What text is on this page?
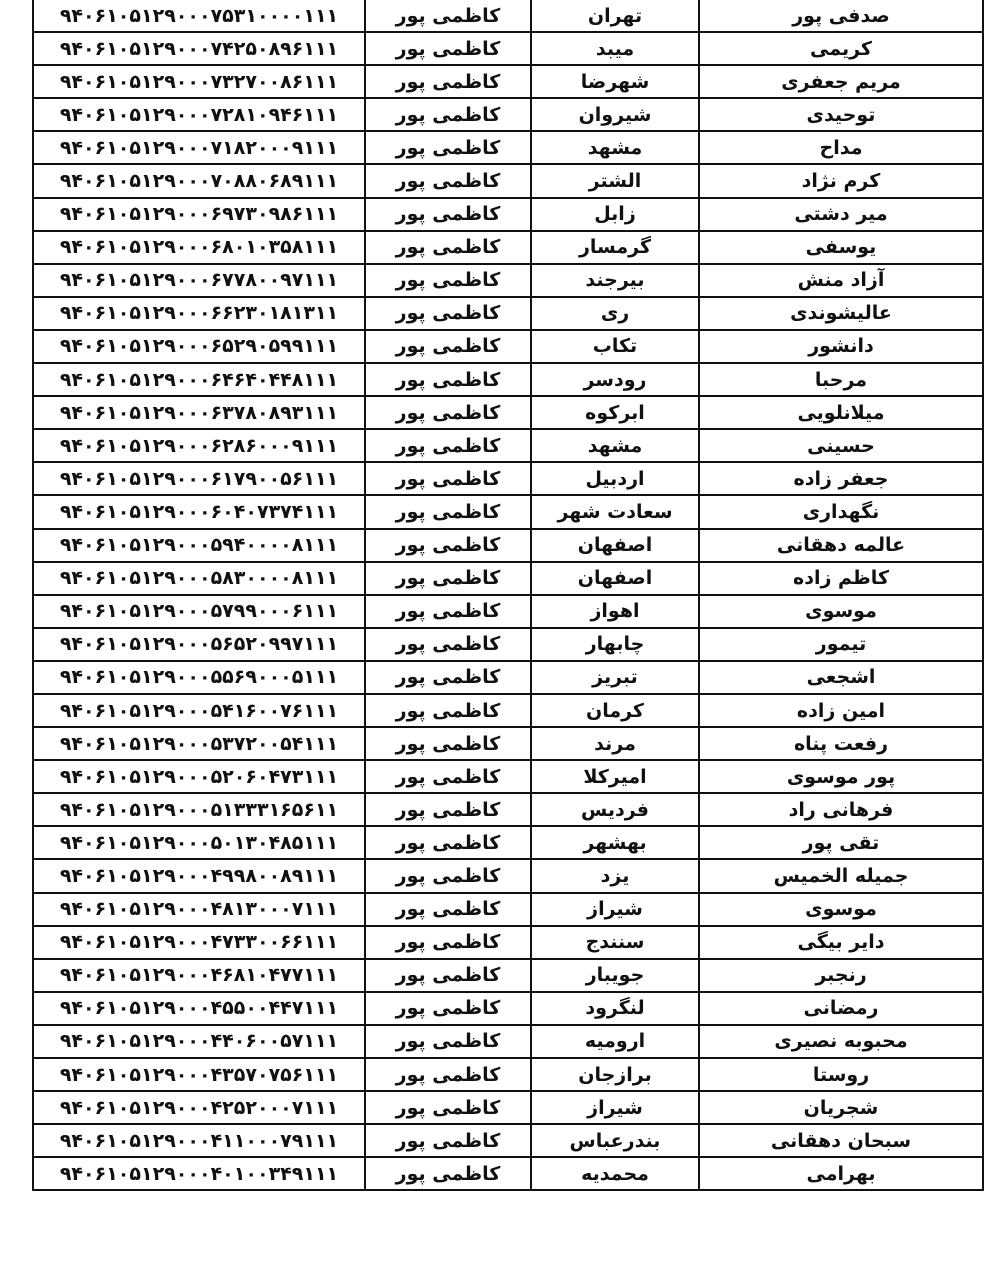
۹۴۰۶۱۰۵۱۲۹۰۰۰۷۵۳۱۰۰۰۰۱۱۱	کاظمی پور	تهران	صدفی پور
۹۴۰۶۱۰۵۱۲۹۰۰۰۷۴۲۵۰۸۹۶۱۱۱	کاظمی پور	میبد	کریمی
۹۴۰۶۱۰۵۱۲۹۰۰۰۷۳۲۷۰۰۸۶۱۱۱	کاظمی پور	شهرضا	مریم جعفری
۹۴۰۶۱۰۵۱۲۹۰۰۰۷۲۸۱۰۹۴۶۱۱۱	کاظمی پور	شیروان	توحیدی
۹۴۰۶۱۰۵۱۲۹۰۰۰۷۱۸۲۰۰۰۹۱۱۱	کاظمی پور	مشهد	مداح
۹۴۰۶۱۰۵۱۲۹۰۰۰۷۰۸۸۰۶۸۹۱۱۱	کاظمی پور	الشتر	کرم نژاد
۹۴۰۶۱۰۵۱۲۹۰۰۰۶۹۷۳۰۹۸۶۱۱۱	کاظمی پور	زابل	میر دشتی
۹۴۰۶۱۰۵۱۲۹۰۰۰۶۸۰۱۰۳۵۸۱۱۱	کاظمی پور	گرمسار	یوسفی
۹۴۰۶۱۰۵۱۲۹۰۰۰۶۷۷۸۰۰۹۷۱۱۱	کاظمی پور	بیرجند	آزاد منش
۹۴۰۶۱۰۵۱۲۹۰۰۰۶۶۲۳۰۱۸۱۳۱۱	کاظمی پور	ری	عالیشوندی
۹۴۰۶۱۰۵۱۲۹۰۰۰۶۵۲۹۰۵۹۹۱۱۱	کاظمی پور	تکاب	دانشور
۹۴۰۶۱۰۵۱۲۹۰۰۰۶۴۶۴۰۴۴۸۱۱۱	کاظمی پور	رودسر	مرحبا
۹۴۰۶۱۰۵۱۲۹۰۰۰۶۳۷۸۰۸۹۳۱۱۱	کاظمی پور	ابرکوه	میلانلویی
۹۴۰۶۱۰۵۱۲۹۰۰۰۶۲۸۶۰۰۰۹۱۱۱	کاظمی پور	مشهد	حسینی
۹۴۰۶۱۰۵۱۲۹۰۰۰۶۱۷۹۰۰۵۶۱۱۱	کاظمی پور	اردبیل	جعفر زاده
۹۴۰۶۱۰۵۱۲۹۰۰۰۶۰۴۰۷۳۷۴۱۱۱	کاظمی پور	سعادت شهر	نگهداری
۹۴۰۶۱۰۵۱۲۹۰۰۰۵۹۴۰۰۰۰۸۱۱۱	کاظمی پور	اصفهان	عالمه دهقانی
۹۴۰۶۱۰۵۱۲۹۰۰۰۵۸۳۰۰۰۰۸۱۱۱	کاظمی پور	اصفهان	کاظم زاده
۹۴۰۶۱۰۵۱۲۹۰۰۰۵۷۹۹۰۰۰۶۱۱۱	کاظمی پور	اهواز	موسوی
۹۴۰۶۱۰۵۱۲۹۰۰۰۵۶۵۲۰۹۹۷۱۱۱	کاظمی پور	چابهار	تیمور
۹۴۰۶۱۰۵۱۲۹۰۰۰۵۵۶۹۰۰۰۵۱۱۱	کاظمی پور	تبریز	اشجعی
۹۴۰۶۱۰۵۱۲۹۰۰۰۵۴۱۶۰۰۷۶۱۱۱	کاظمی پور	کرمان	امین زاده
۹۴۰۶۱۰۵۱۲۹۰۰۰۵۳۷۲۰۰۵۴۱۱۱	کاظمی پور	مرند	رفعت پناه
۹۴۰۶۱۰۵۱۲۹۰۰۰۵۲۰۶۰۴۷۳۱۱۱	کاظمی پور	امیرکلا	پور موسوی
۹۴۰۶۱۰۵۱۲۹۰۰۰۵۱۳۳۳۱۶۵۶۱۱	کاظمی پور	فردیس	فرهانی راد
۹۴۰۶۱۰۵۱۲۹۰۰۰۵۰۱۳۰۴۸۵۱۱۱	کاظمی پور	بهشهر	تقی پور
۹۴۰۶۱۰۵۱۲۹۰۰۰۴۹۹۸۰۰۸۹۱۱۱	کاظمی پور	یزد	جمیله الخمیس
۹۴۰۶۱۰۵۱۲۹۰۰۰۴۸۱۳۰۰۰۷۱۱۱	کاظمی پور	شیراز	موسوی
۹۴۰۶۱۰۵۱۲۹۰۰۰۴۷۳۳۰۰۶۶۱۱۱	کاظمی پور	سنندج	دایر بیگی
۹۴۰۶۱۰۵۱۲۹۰۰۰۴۶۸۱۰۴۷۷۱۱۱	کاظمی پور	جویبار	رنجبر
۹۴۰۶۱۰۵۱۲۹۰۰۰۴۵۵۰۰۴۴۷۱۱۱	کاظمی پور	لنگرود	رمضانی
۹۴۰۶۱۰۵۱۲۹۰۰۰۴۴۰۶۰۰۵۷۱۱۱	کاظمی پور	ارومیه	محبوبه نصیری
۹۴۰۶۱۰۵۱۲۹۰۰۰۴۳۵۷۰۷۵۶۱۱۱	کاظمی پور	برازجان	روستا
۹۴۰۶۱۰۵۱۲۹۰۰۰۴۲۵۲۰۰۰۷۱۱۱	کاظمی پور	شیراز	شجریان
۹۴۰۶۱۰۵۱۲۹۰۰۰۴۱۱۰۰۰۷۹۱۱۱	کاظمی پور	بندرعباس	سبحان دهقانی
۹۴۰۶۱۰۵۱۲۹۰۰۰۴۰۱۰۰۳۴۹۱۱۱	کاظمی پور	محمدیه	بهرامی
